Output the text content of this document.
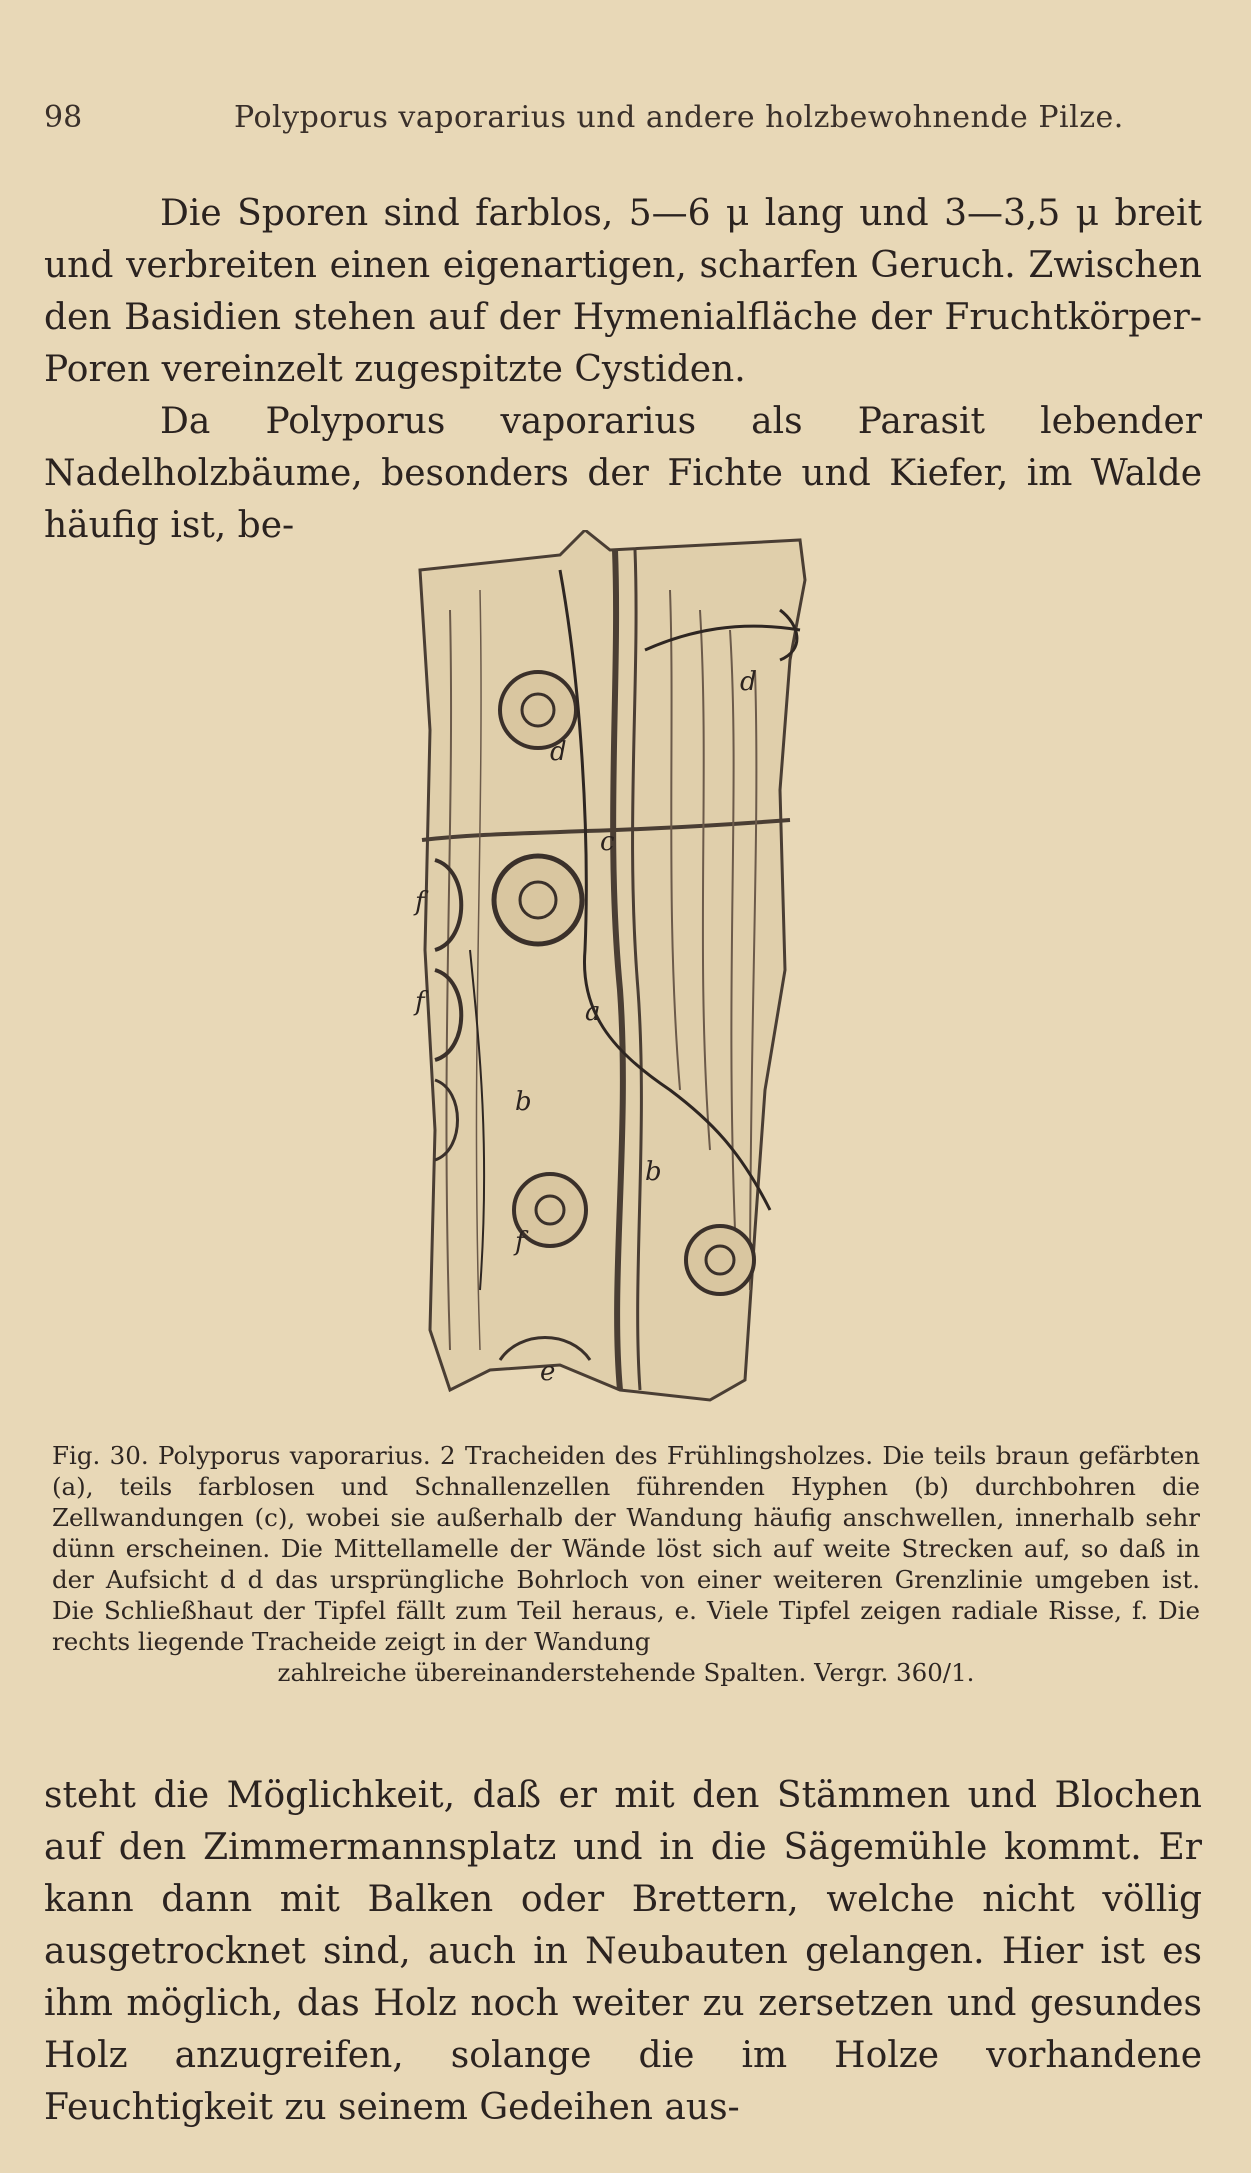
98	Polyporus vaporarius und andere holzbewohnende Pilze.

Die Sporen sind farblos, 5—6 μ lang und 3—3,5 μ breit und verbreiten einen eigenartigen, scharfen Geruch. Zwischen den Basidien stehen auf der Hymenialfläche der Fruchtkörper-Poren vereinzelt zugespitzte Cystiden.

Da Polyporus vaporarius als Parasit lebender Nadelholzbäume, besonders der Fichte und Kiefer, im Walde häufig ist, be-

d
d
c
f
f	a
b
b
f
e
Fig. 30. Polyporus vaporarius. 2 Tracheiden des Frühlingsholzes. Die teils braun gefärbten (a), teils farblosen und Schnallenzellen führenden Hyphen (b) durchbohren die Zellwandungen (c), wobei sie außerhalb der Wandung häufig anschwellen, innerhalb sehr dünn erscheinen. Die Mittellamelle der Wände löst sich auf weite Strecken auf, so daß in der Aufsicht d d das ursprüngliche Bohrloch von einer weiteren Grenzlinie umgeben ist. Die Schließhaut der Tipfel fällt zum Teil heraus, e. Viele Tipfel zeigen radiale Risse, f. Die rechts liegende Tracheide zeigt in der Wandung
zahlreiche übereinanderstehende Spalten. Vergr. 360/1.

steht die Möglichkeit, daß er mit den Stämmen und Blochen auf den Zimmermannsplatz und in die Sägemühle kommt. Er kann dann mit Balken oder Brettern, welche nicht völlig ausgetrocknet sind, auch in Neubauten gelangen. Hier ist es ihm möglich, das Holz noch weiter zu zersetzen und gesundes Holz anzugreifen, solange die im Holze vorhandene Feuchtigkeit zu seinem Gedeihen aus-
